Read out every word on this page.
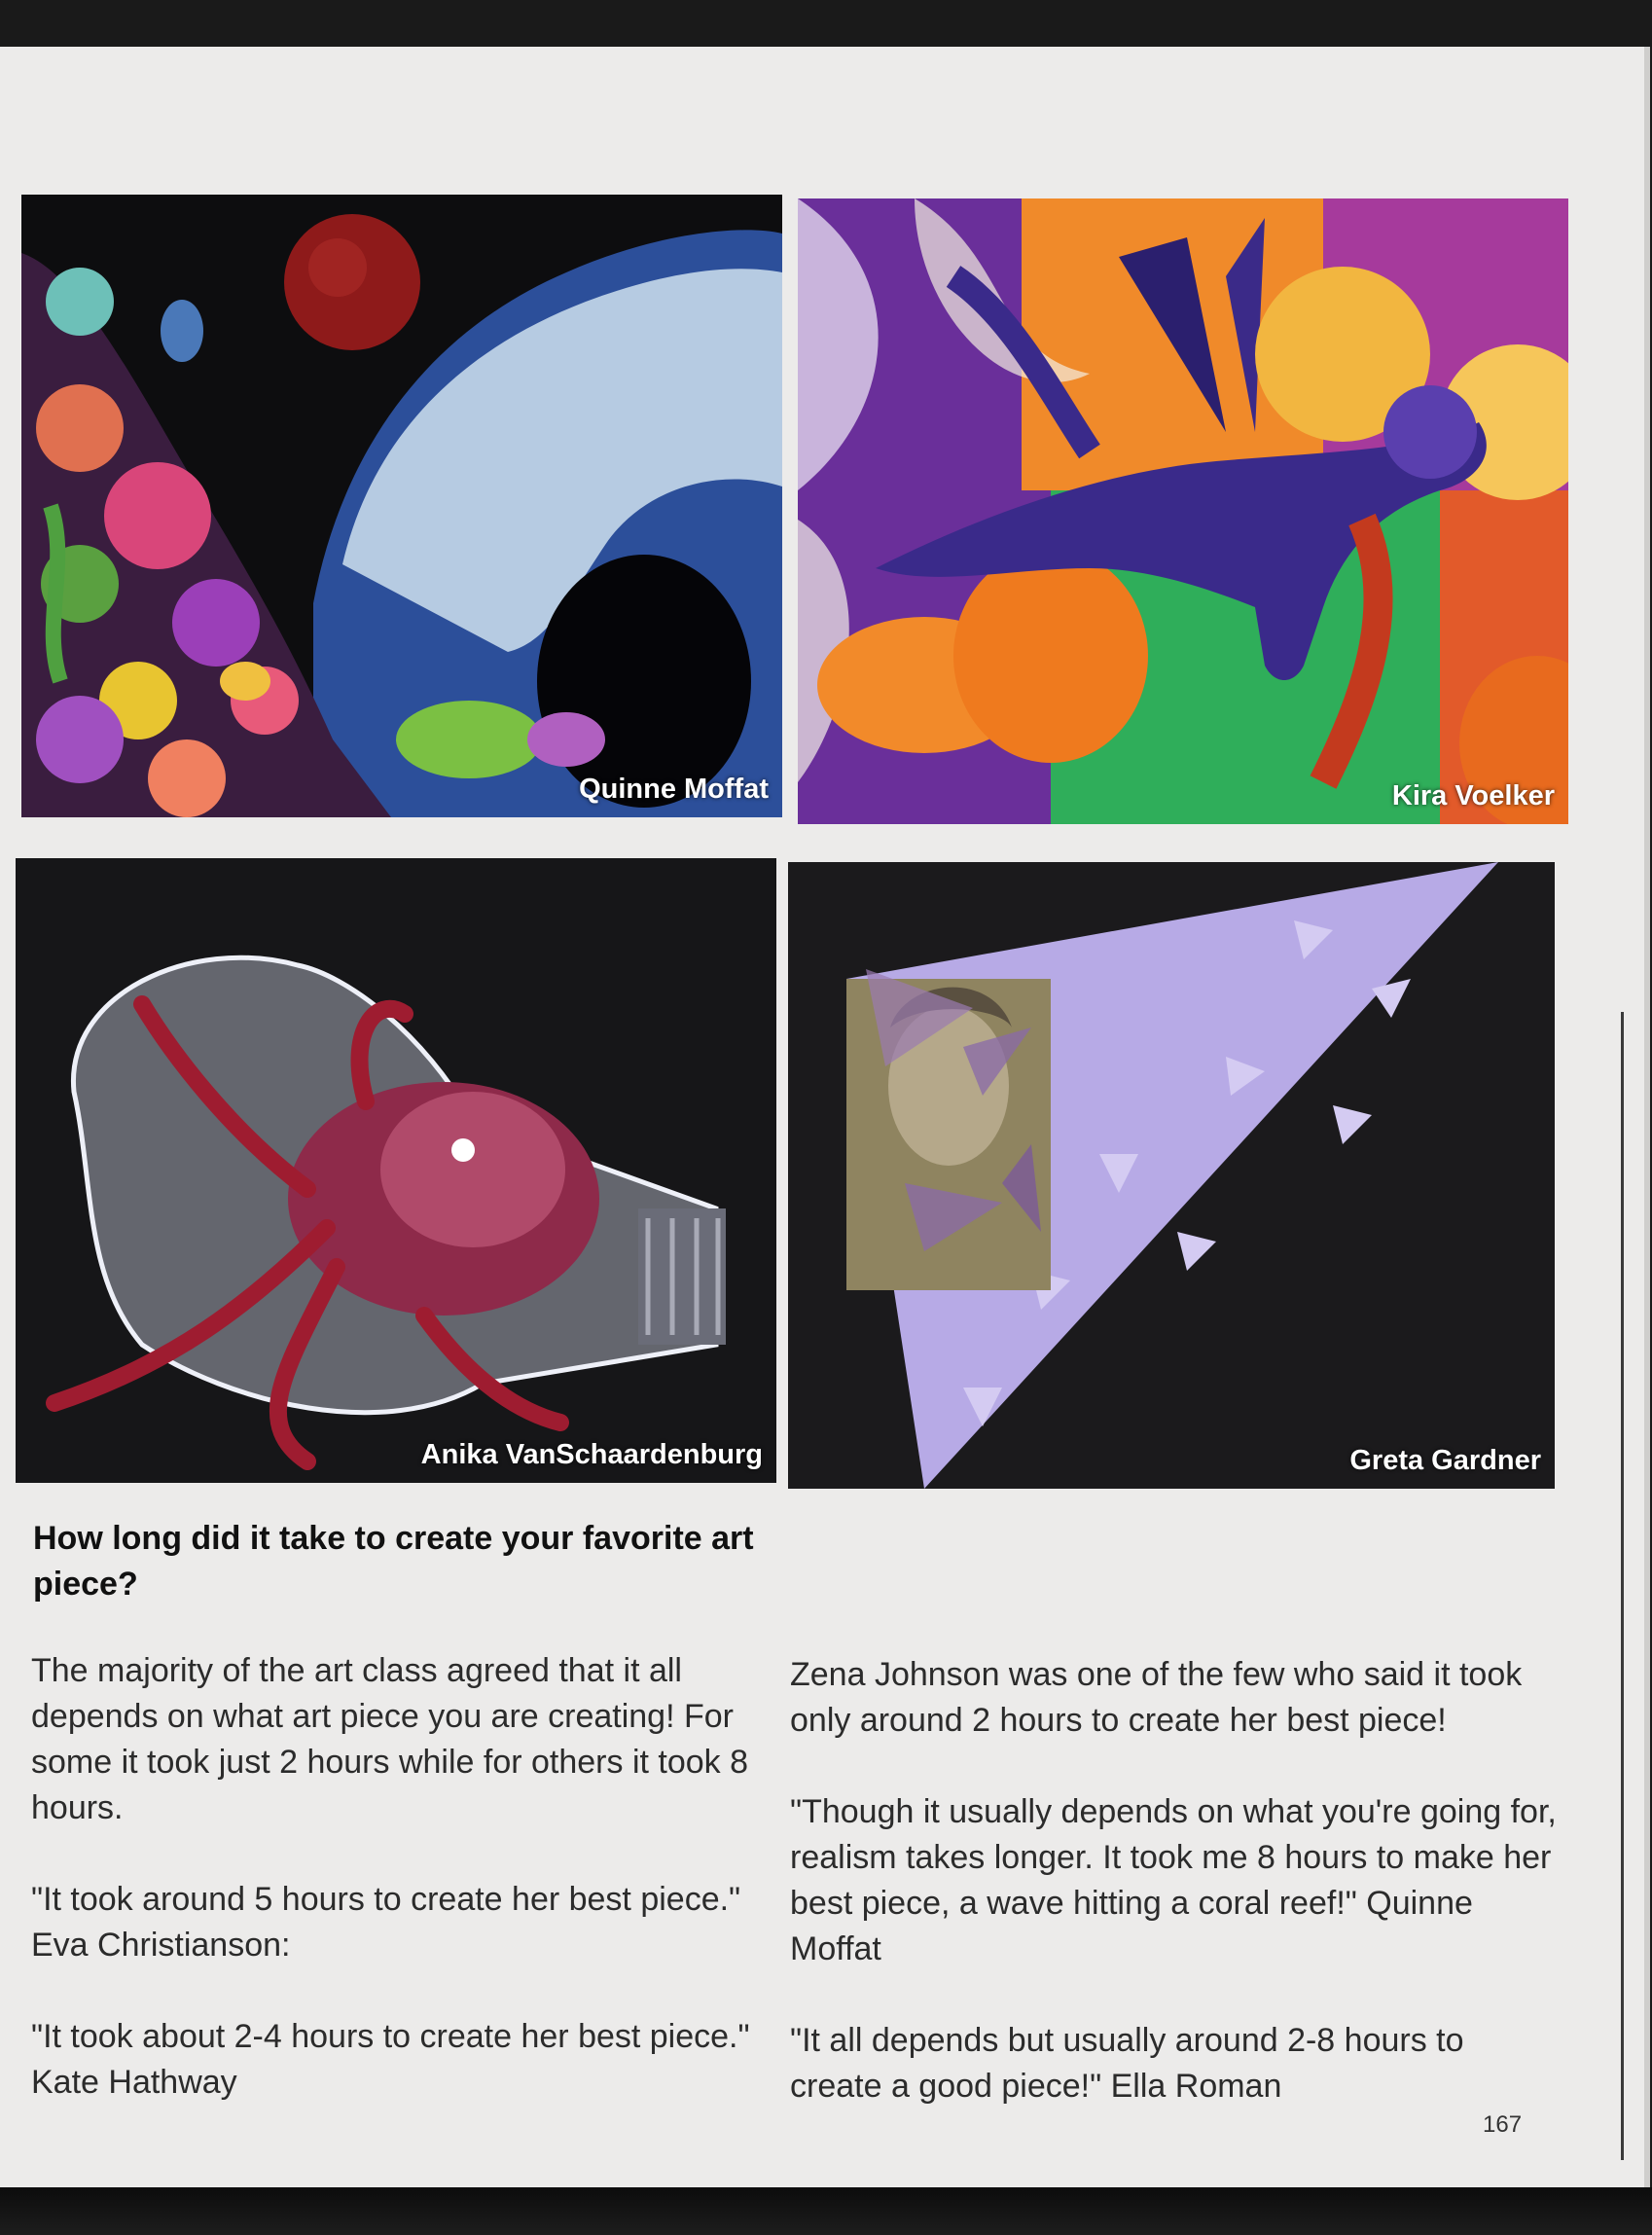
Quinne Moffat	Kira Voelker
Anika VanSchaardenburg	Greta Gardner
How long did it take to create your favorite art piece?

The majority of the art class agreed that it all depends on what art piece you are creating! For some it took just 2 hours while for others it took 8 hours.

"It took around 5 hours to create her best piece." Eva Christianson:

"It took about 2-4 hours to create her best piece." Kate Hathway

Zena Johnson was one of the few who said it took only around 2 hours to create her best piece!

"Though it usually depends on what you're going for, realism takes longer. It took me 8 hours to make her best piece, a wave hitting a coral reef!" Quinne Moffat

"It all depends but usually around 2-8 hours to create a good piece!" Ella Roman

167
